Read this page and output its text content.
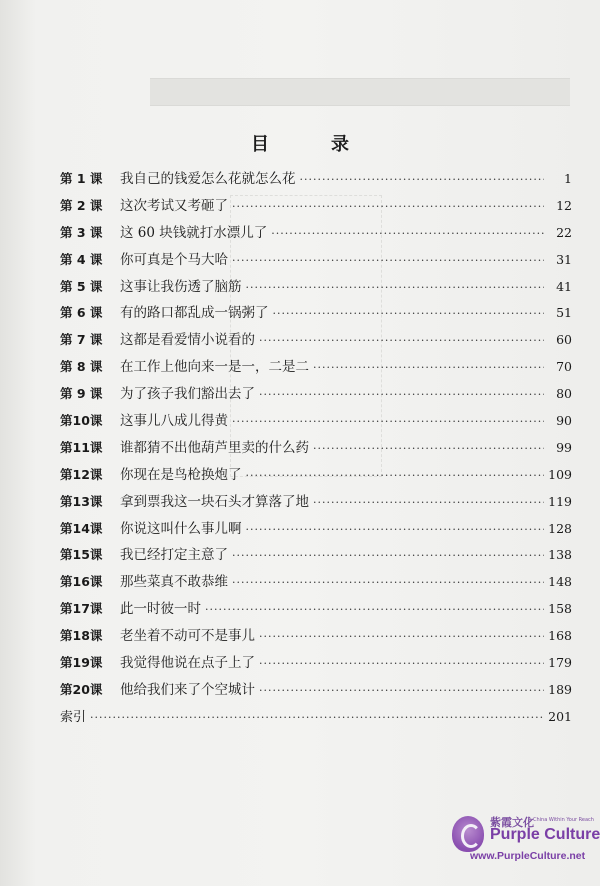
目　录
第 1 课	我自己的钱爱怎么花就怎么花 ·····	1
第 2 课	这次考试又考砸了 ·····	12
第 3 课	这 60 块钱就打水漂儿了 ·····	22
第 4 课	你可真是个马大哈 ·····	31
第 5 课	这事让我伤透了脑筋 ·····	41
第 6 课	有的路口都乱成一锅粥了 ·····	51
第 7 课	这都是看爱情小说看的 ·····	60
第 8 课	在工作上他向来一是一，二是二 ·····	70
第 9 课	为了孩子我们豁出去了 ·····	80
第10课	这事儿八成儿得黄 ·····	90
第11课	谁都猜不出他葫芦里卖的什么药 ·····	99
第12课	你现在是鸟枪换炮了 ·····	109
第13课	拿到票我这一块石头才算落了地 ·····	119
第14课	你说这叫什么事儿啊 ·····	128
第15课	我已经打定主意了 ·····	138
第16课	那些菜真不敢恭维 ·····	148
第17课	此一时彼一时 ·····	158
第18课	老坐着不动可不是事儿 ·····	168
第19课	我觉得他说在点子上了 ·····	179
第20课	他给我们来了个空城计 ·····	189
索引 ·····	201
紫霞文化
A China Within Your Reach
Purple Culture
www.PurpleCulture.net
